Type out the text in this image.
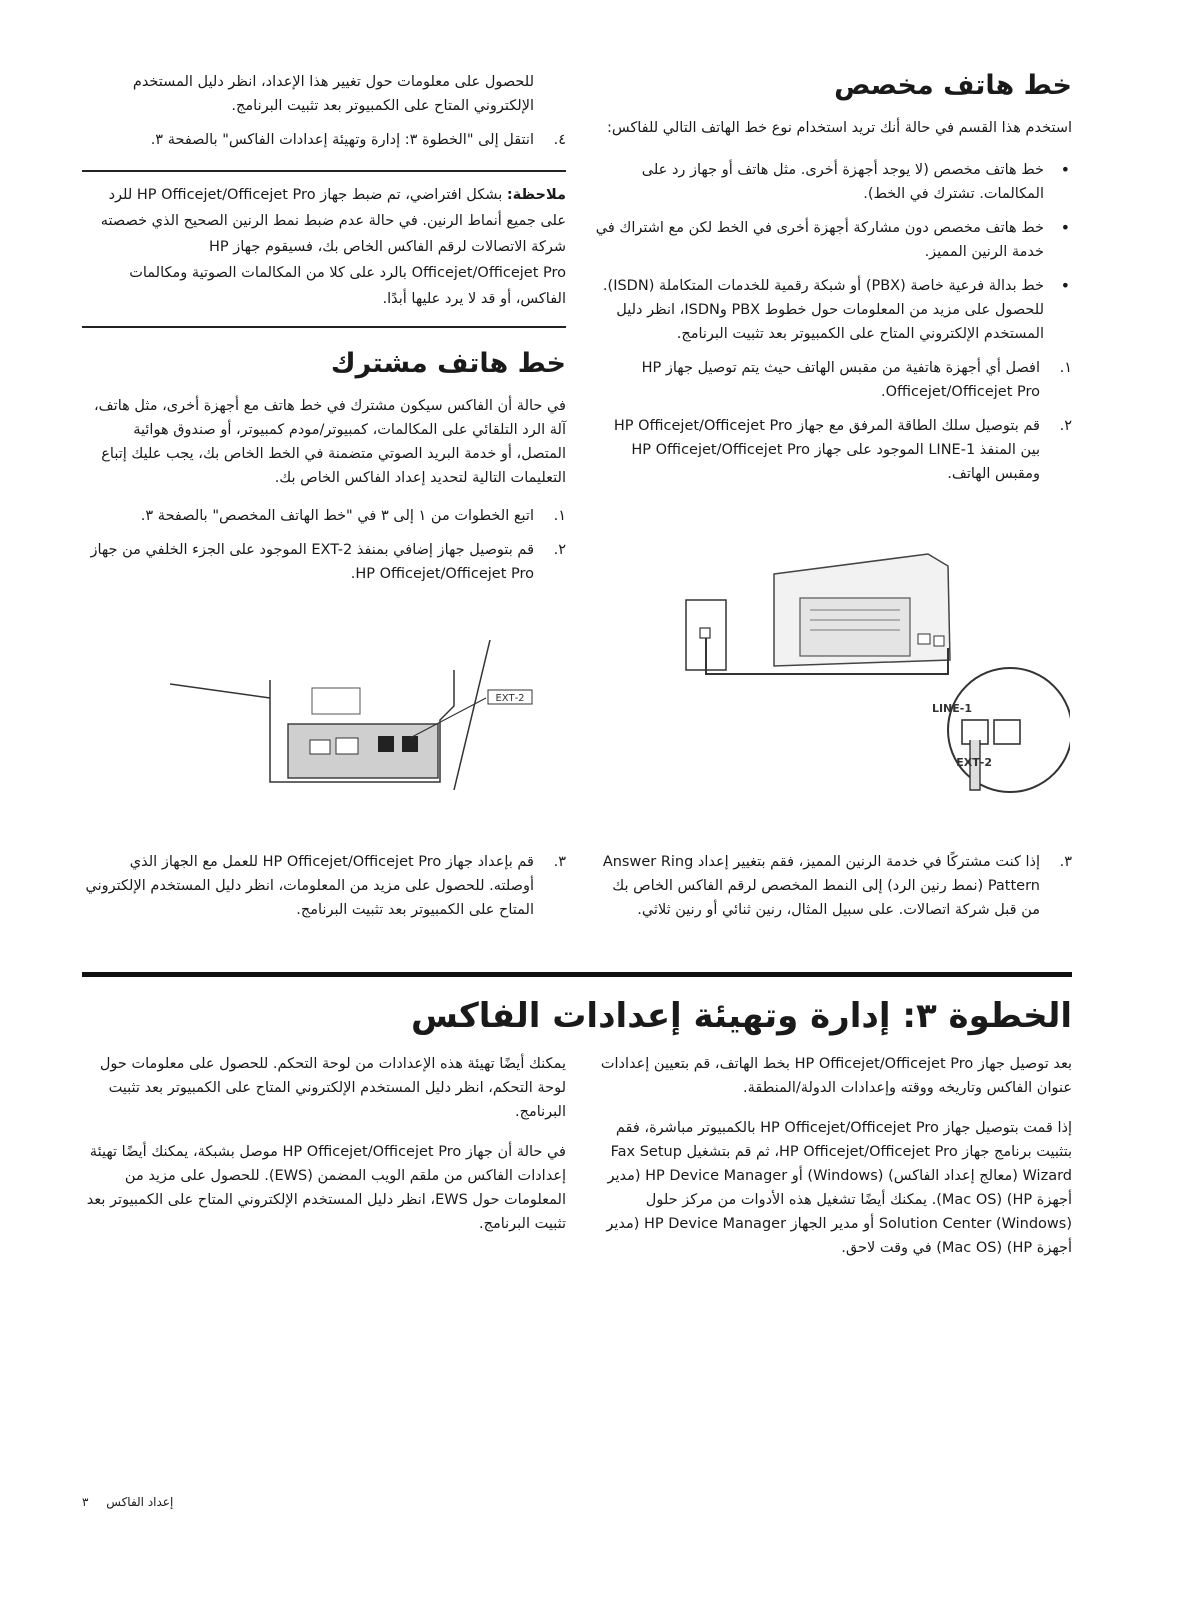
خط هاتف مخصص

استخدم هذا القسم في حالة أنك تريد استخدام نوع خط الهاتف التالي للفاكس:

• خط هاتف مخصص (لا يوجد أجهزة أخرى. مثل هاتف أو جهاز رد على المكالمات. تشترك في الخط).
• خط هاتف مخصص دون مشاركة أجهزة أخرى في الخط لكن مع اشتراك في خدمة الرنين المميز.
• خط بدالة فرعية خاصة (PBX) أو شبكة رقمية للخدمات المتكاملة (ISDN). للحصول على مزيد من المعلومات حول خطوط PBX وISDN، انظر دليل المستخدم الإلكتروني المتاح على الكمبيوتر بعد تثبيت البرنامج.
١.
افصل أي أجهزة هاتفية من مقبس الهاتف حيث يتم توصيل جهاز HP Officejet/Officejet Pro.
٢.
قم بتوصيل سلك الطاقة المرفق مع جهاز HP Officejet/Officejet Pro بين المنفذ LINE-1 الموجود على جهاز HP Officejet/Officejet Pro ومقبس الهاتف.
1-LINE
2-EXT
٣.
إذا كنت مشتركًا في خدمة الرنين المميز، فقم بتغيير إعداد Answer Ring Pattern (نمط رنين الرد) إلى النمط المخصص لرقم الفاكس الخاص بك من قبل شركة اتصالات. على سبيل المثال، رنين ثنائي أو رنين ثلاثي.

للحصول على معلومات حول تغيير هذا الإعداد، انظر دليل المستخدم الإلكتروني المتاح على الكمبيوتر بعد تثبيت البرنامج.

٤.
انتقل إلى "الخطوة ٣: إدارة وتهيئة إعدادات الفاكس" بالصفحة ٣.

ملاحظة: بشكل افتراضي، تم ضبط جهاز HP Officejet/Officejet Pro للرد على جميع أنماط الرنين. في حالة عدم ضبط نمط الرنين الصحيح الذي خصصته شركة الاتصالات لرقم الفاكس الخاص بك، فسيقوم جهاز HP Officejet/Officejet Pro بالرد على كلا من المكالمات الصوتية ومكالمات الفاكس، أو قد لا يرد عليها أبدًا.

خط هاتف مشترك

في حالة أن الفاكس سيكون مشترك في خط هاتف مع أجهزة أخرى، مثل هاتف، آلة الرد التلقائي على المكالمات، كمبيوتر/مودم كمبيوتر، أو صندوق هوائية المتصل، أو خدمة البريد الصوتي متضمنة في الخط الخاص بك، يجب عليك إتباع التعليمات التالية لتحديد إعداد الفاكس الخاص بك.

١.
اتبع الخطوات من ١ إلى ٣ في "خط الهاتف المخصص" بالصفحة ٣.
٢.
قم بتوصيل جهاز إضافي بمنفذ EXT-2 الموجود على الجزء الخلفي من جهاز HP Officejet/Officejet Pro.
2-EXT
٣.
قم بإعداد جهاز HP Officejet/Officejet Pro للعمل مع الجهاز الذي أوصلته. للحصول على مزيد من المعلومات، انظر دليل المستخدم الإلكتروني المتاح على الكمبيوتر بعد تثبيت البرنامج.
الخطوة ٣: إدارة وتهيئة إعدادات الفاكس

بعد توصيل جهاز HP Officejet/Officejet Pro بخط الهاتف، قم بتعيين إعدادات عنوان الفاكس وتاريخه ووقته وإعدادات الدولة/المنطقة.

إذا قمت بتوصيل جهاز HP Officejet/Officejet Pro بالكمبيوتر مباشرة، فقم بتثبيت برنامج جهاز HP Officejet/Officejet Pro، ثم قم بتشغيل Fax Setup Wizard (معالج إعداد الفاكس) (Windows) أو HP Device Manager (مدير أجهزة HP) (Mac OS). يمكنك أيضًا تشغيل هذه الأدوات من مركز حلول (Windows) Solution Center أو مدير الجهاز HP Device Manager (مدير أجهزة HP) (Mac OS) في وقت لاحق.

يمكنك أيضًا تهيئة هذه الإعدادات من لوحة التحكم. للحصول على معلومات حول لوحة التحكم، انظر دليل المستخدم الإلكتروني المتاح على الكمبيوتر بعد تثبيت البرنامج.

في حالة أن جهاز HP Officejet/Officejet Pro موصل بشبكة، يمكنك أيضًا تهيئة إعدادات الفاكس من ملقم الويب المضمن (EWS). للحصول على مزيد من المعلومات حول EWS، انظر دليل المستخدم الإلكتروني المتاح على الكمبيوتر بعد تثبيت البرنامج.

إعداد الفاكس ٣
